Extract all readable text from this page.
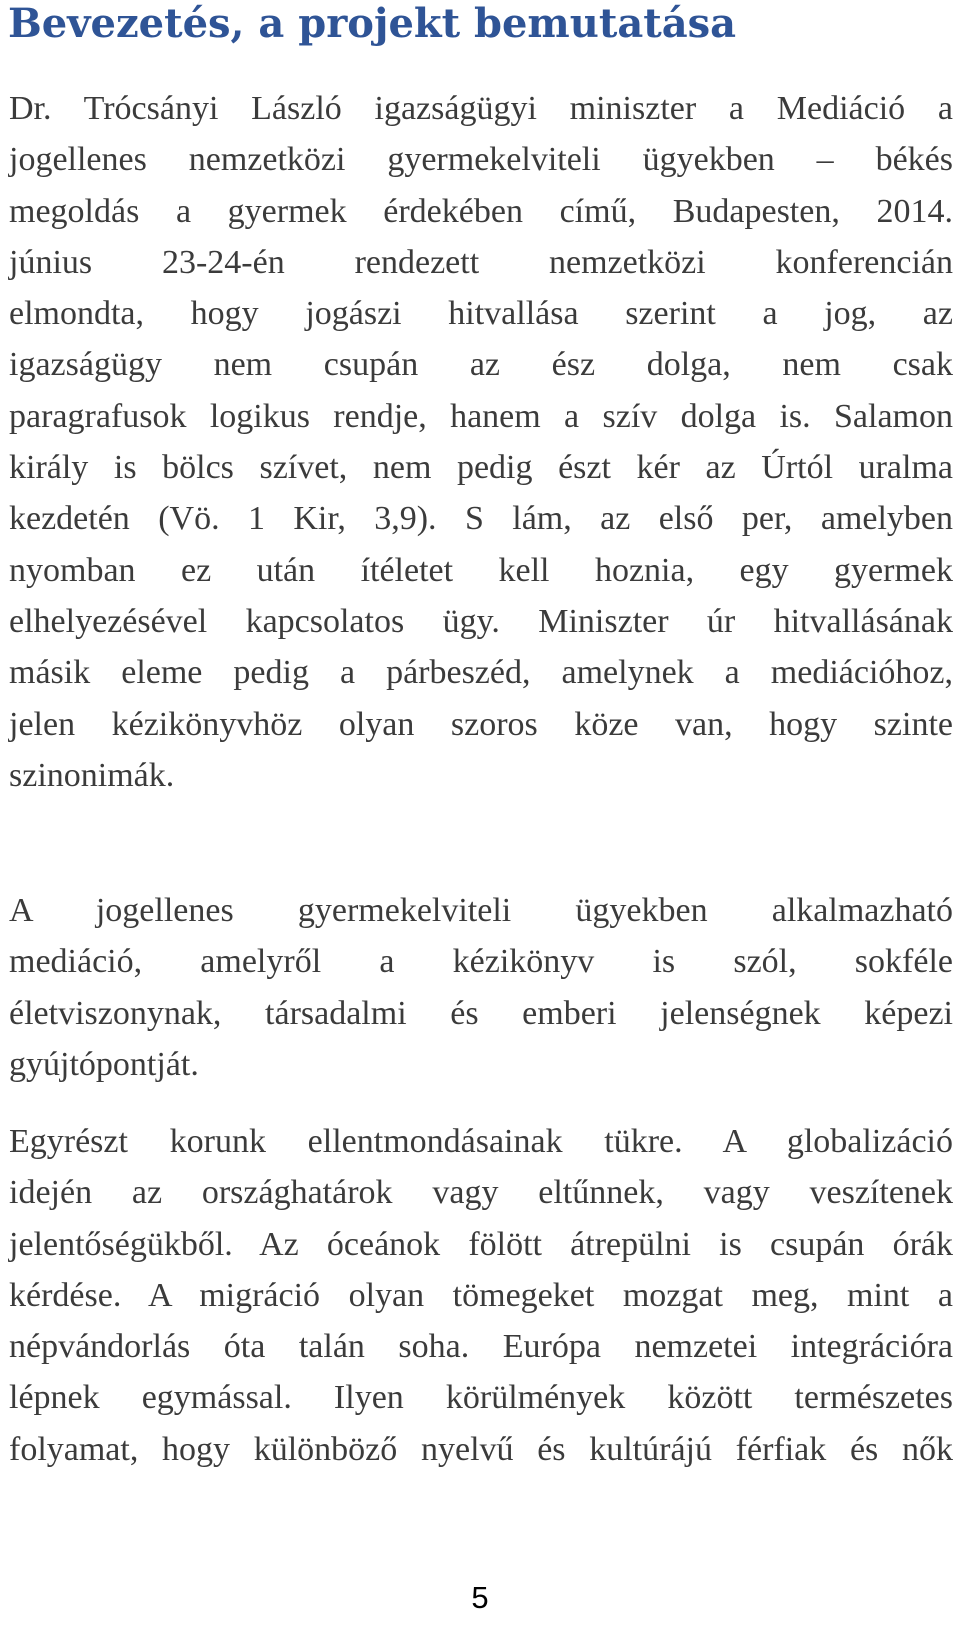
Bevezetés, a projekt bemutatása
Dr. Trócsányi László igazságügyi miniszter a Mediáció a
jogellenes nemzetközi gyermekelviteli ügyekben – békés
megoldás a gyermek érdekében című, Budapesten, 2014.
június 23-24-én rendezett nemzetközi konferencián
elmondta, hogy jogászi hitvallása szerint a jog, az
igazságügy nem csupán az ész dolga, nem csak
paragrafusok logikus rendje, hanem a szív dolga is. Salamon
király is bölcs szívet, nem pedig észt kér az Úrtól uralma
kezdetén (Vö. 1 Kir, 3,9). S lám, az első per, amelyben
nyomban ez után ítéletet kell hoznia, egy gyermek
elhelyezésével kapcsolatos ügy. Miniszter úr hitvallásának
másik eleme pedig a párbeszéd, amelynek a mediációhoz,
jelen kézikönyvhöz olyan szoros köze van, hogy szinte
szinonimák.
A jogellenes gyermekelviteli ügyekben alkalmazható
mediáció, amelyről a kézikönyv is szól, sokféle
életviszonynak, társadalmi és emberi jelenségnek képezi
gyújtópontját.
Egyrészt korunk ellentmondásainak tükre. A globalizáció
idején az országhatárok vagy eltűnnek, vagy veszítenek
jelentőségükből. Az óceánok fölött átrepülni is csupán órák
kérdése. A migráció olyan tömegeket mozgat meg, mint a
népvándorlás óta talán soha. Európa nemzetei integrációra
lépnek egymással. Ilyen körülmények között természetes
folyamat, hogy különböző nyelvű és kultúrájú férfiak és nők
5
